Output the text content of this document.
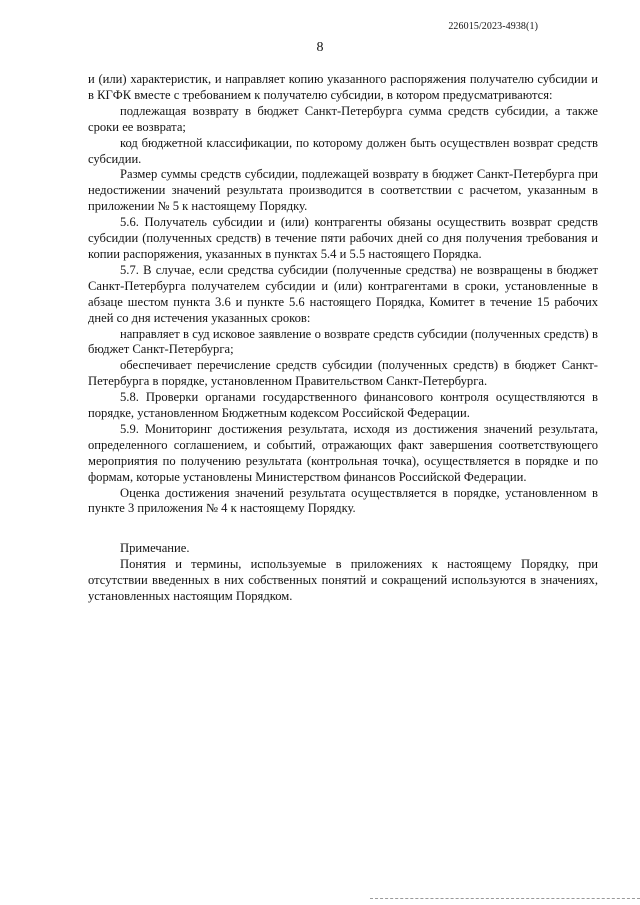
226015/2023-4938(1)
8

и (или) характеристик, и направляет копию указанного распоряжения получателю субсидии и в КГФК вместе с требованием к получателю субсидии, в котором предусматриваются:

подлежащая возврату в бюджет Санкт-Петербурга сумма средств субсидии, а также сроки ее возврата;

код бюджетной классификации, по которому должен быть осуществлен возврат средств субсидии.

Размер суммы средств субсидии, подлежащей возврату в бюджет Санкт-Петербурга при недостижении значений результата производится в соответствии с расчетом, указанным в приложении № 5 к настоящему Порядку.

5.6. Получатель субсидии и (или) контрагенты обязаны осуществить возврат средств субсидии (полученных средств) в течение пяти рабочих дней со дня получения требования и копии распоряжения, указанных в пунктах 5.4 и 5.5 настоящего Порядка.

5.7. В случае, если средства субсидии (полученные средства) не возвращены в бюджет Санкт-Петербурга получателем субсидии и (или) контрагентами в сроки, установленные в абзаце шестом пункта 3.6 и пункте 5.6 настоящего Порядка, Комитет в течение 15 рабочих дней со дня истечения указанных сроков:

направляет в суд исковое заявление о возврате средств субсидии (полученных средств) в бюджет Санкт-Петербурга;

обеспечивает перечисление средств субсидии (полученных средств) в бюджет Санкт-Петербурга в порядке, установленном Правительством Санкт-Петербурга.

5.8. Проверки органами государственного финансового контроля осуществляются в порядке, установленном Бюджетным кодексом Российской Федерации.

5.9. Мониторинг достижения результата, исходя из достижения значений результата, определенного соглашением, и событий, отражающих факт завершения соответствующего мероприятия по получению результата (контрольная точка), осуществляется в порядке и по формам, которые установлены Министерством финансов Российской Федерации.

Оценка достижения значений результата осуществляется в порядке, установленном в пункте 3 приложения № 4 к настоящему Порядку.

Примечание.

Понятия и термины, используемые в приложениях к настоящему Порядку, при отсутствии введенных в них собственных понятий и сокращений используются в значениях, установленных настоящим Порядком.
